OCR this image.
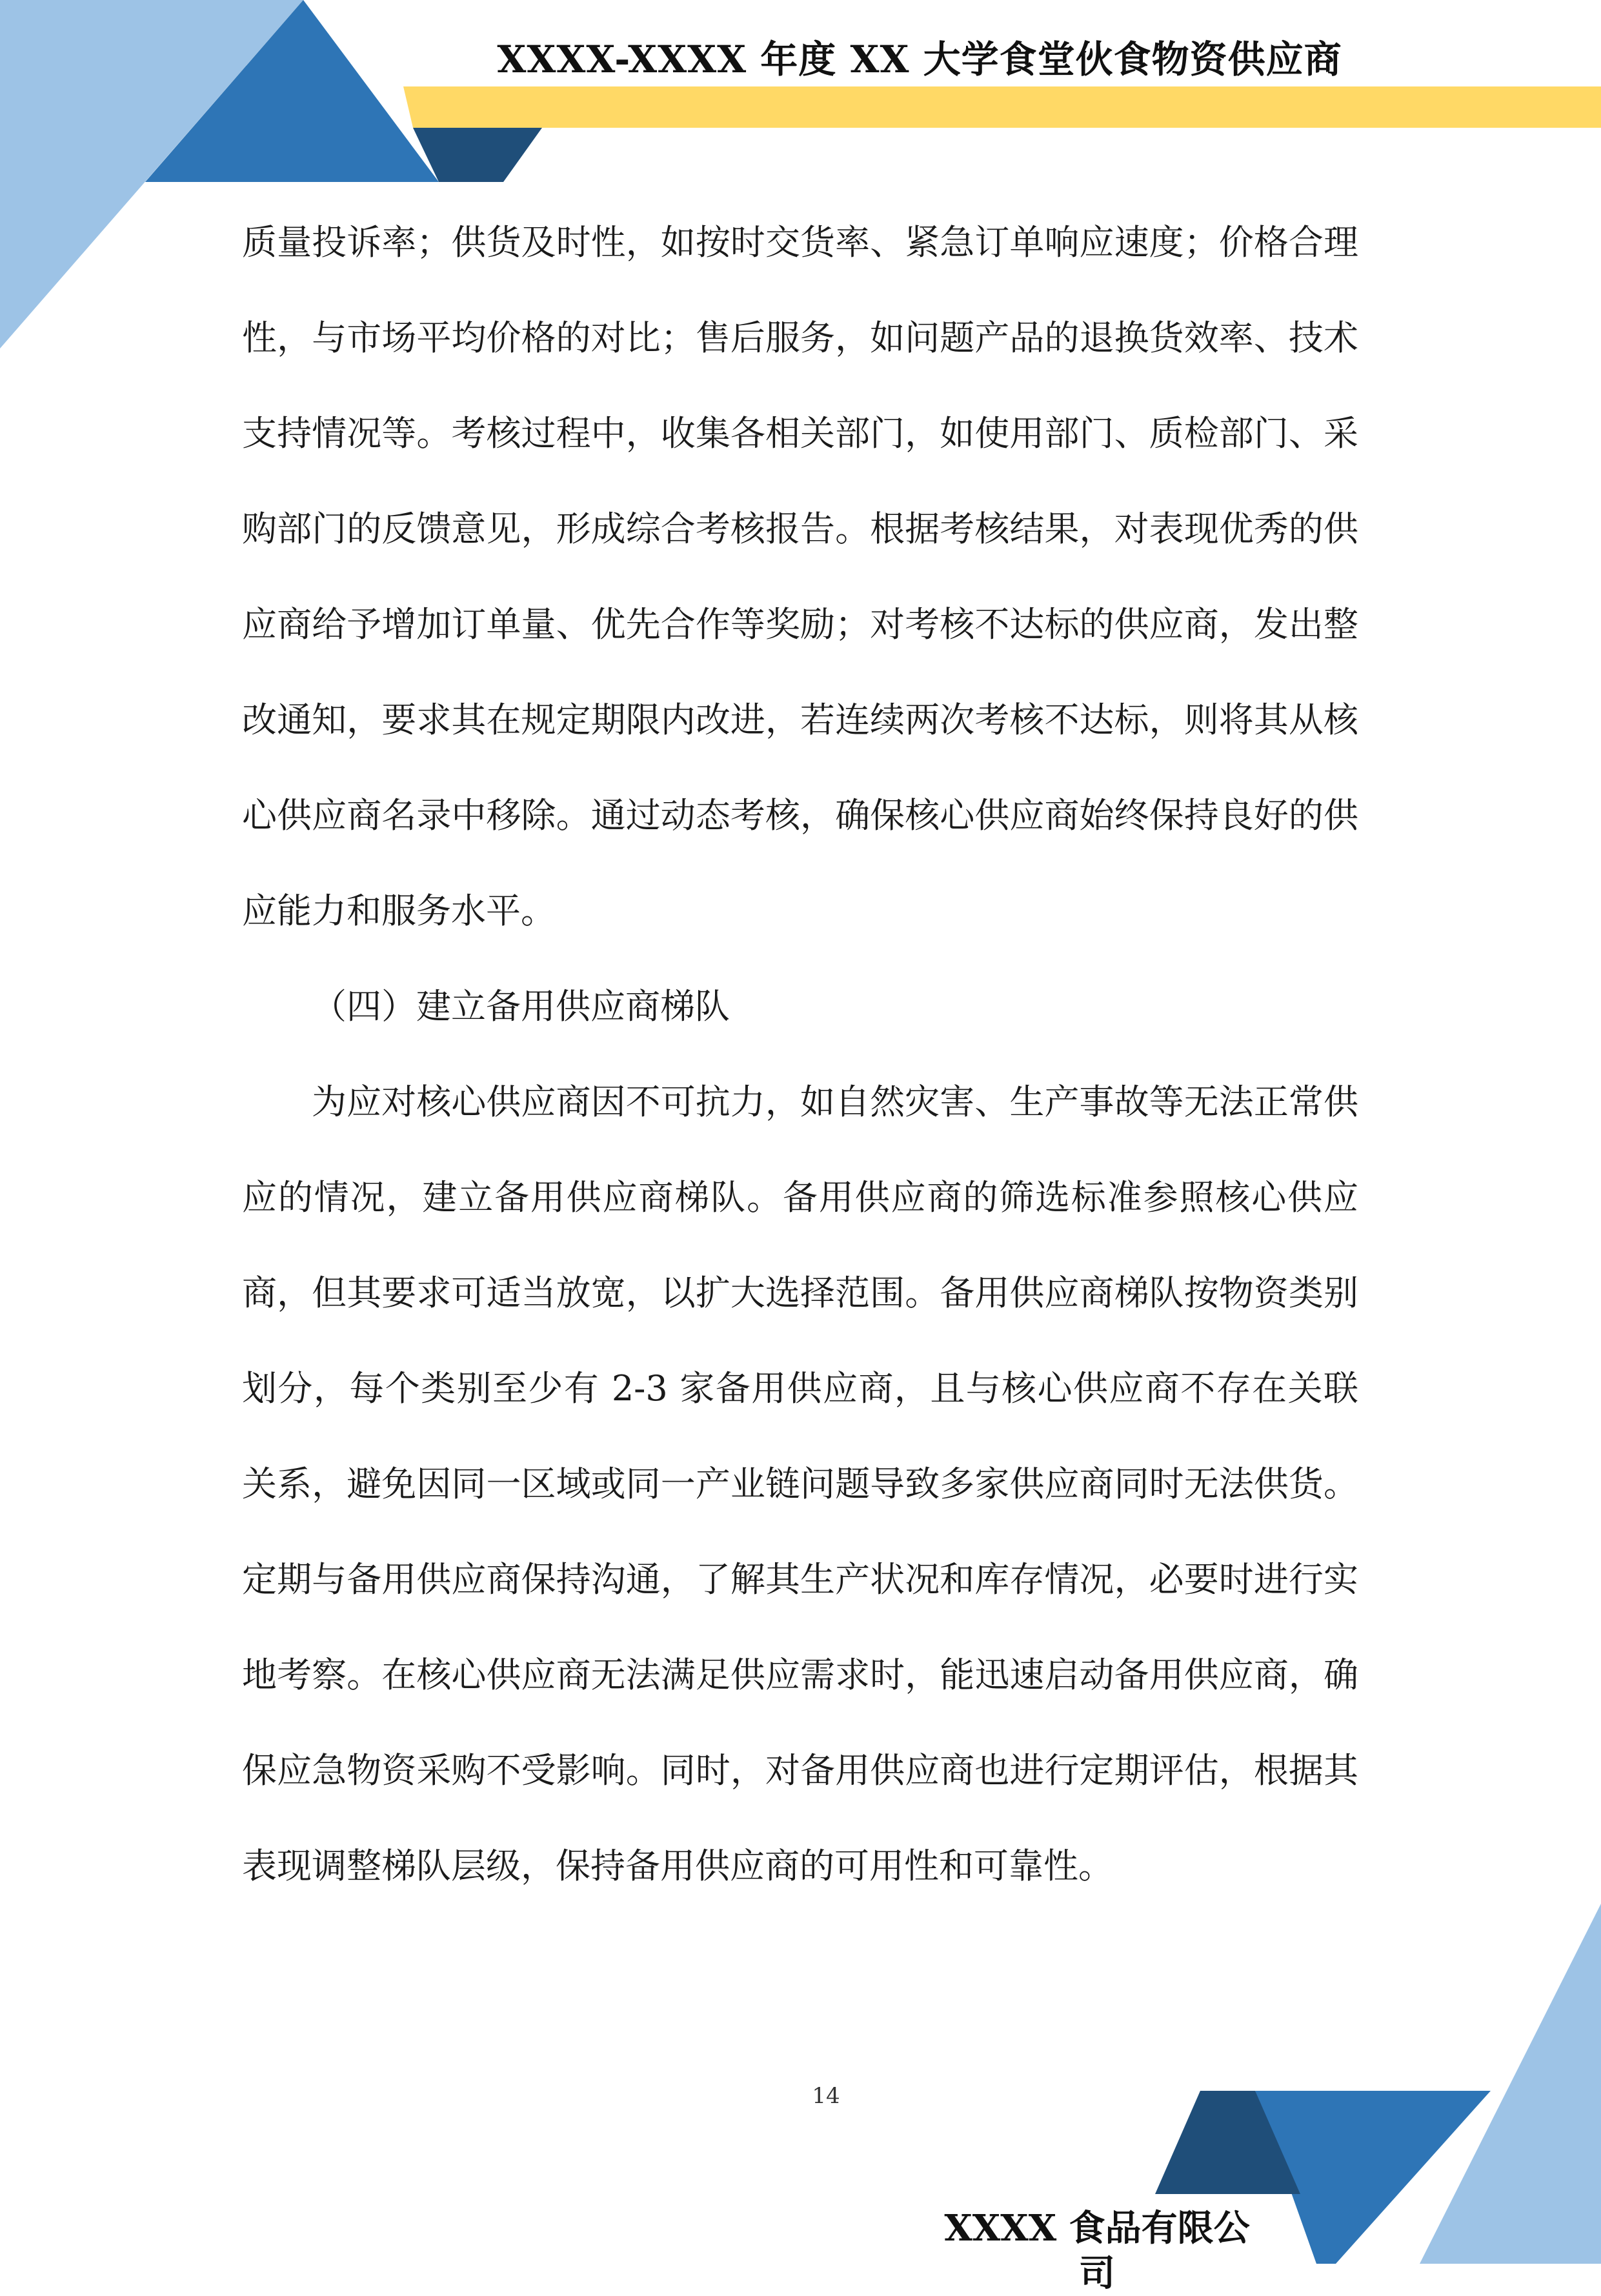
XXXX-XXXX 年度 XX 大学食堂伙食物资供应商

质量投诉率；供货及时性，如按时交货率、紧急订单响应速度；价格合理性，与市场平均价格的对比；售后服务，如问题产品的退换货效率、技术支持情况等。考核过程中，收集各相关部门，如使用部门、质检部门、采购部门的反馈意见，形成综合考核报告。根据考核结果，对表现优秀的供应商给予增加订单量、优先合作等奖励；对考核不达标的供应商，发出整改通知，要求其在规定期限内改进，若连续两次考核不达标，则将其从核心供应商名录中移除。通过动态考核，确保核心供应商始终保持良好的供应能力和服务水平。

（四）建立备用供应商梯队

为应对核心供应商因不可抗力，如自然灾害、生产事故等无法正常供应的情况，建立备用供应商梯队。备用供应商的筛选标准参照核心供应商，但其要求可适当放宽，以扩大选择范围。备用供应商梯队按物资类别划分，每个类别至少有 2-3 家备用供应商，且与核心供应商不存在关联关系，避免因同一区域或同一产业链问题导致多家供应商同时无法供货。定期与备用供应商保持沟通，了解其生产状况和库存情况，必要时进行实地考察。在核心供应商无法满足供应需求时，能迅速启动备用供应商，确保应急物资采购不受影响。同时，对备用供应商也进行定期评估，根据其表现调整梯队层级，保持备用供应商的可用性和可靠性。

14
XXXX 食品有限公司
